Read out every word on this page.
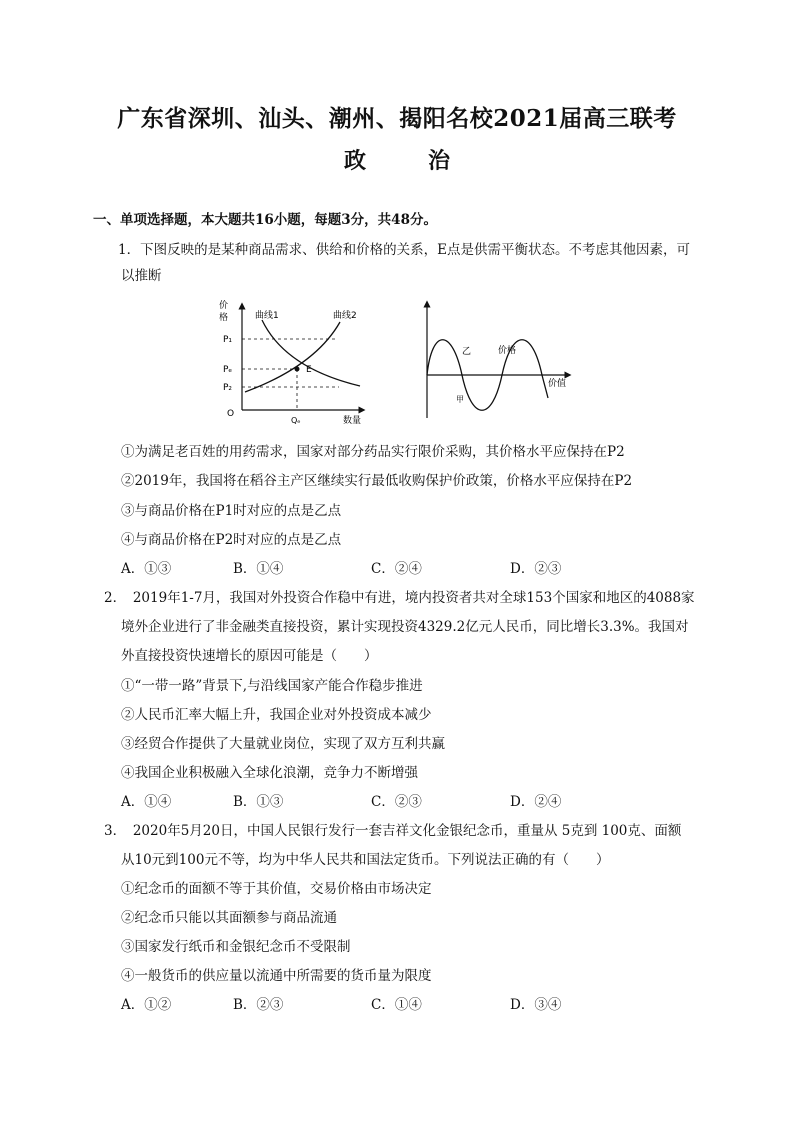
广东省深圳、汕头、潮州、揭阳名校2021届高三联考
政　治
一、单项选择题，本大题共16小题，每题3分，共48分。
1．下图反映的是某种商品需求、供给和价格的关系，E点是供需平衡状态。不考虑其他因素，可
以推断
价
格	曲线1	曲线2
P₁
Pₑ
P₂
E
O
Qₑ	数量
乙
甲
价格
价值
①为满足老百姓的用药需求，国家对部分药品实行限价采购，其价格水平应保持在P2
②2019年，我国将在稻谷主产区继续实行最低收购保护价政策，价格水平应保持在P2
③与商品价格在P1时对应的点是乙点
④与商品价格在P2时对应的点是乙点
A．①③	B．①④	C．②④	D．②③
2．　2019年1-7月，我国对外投资合作稳中有进，境内投资者共对全球153个国家和地区的4088家
境外企业进行了非金融类直接投资，累计实现投资4329.2亿元人民币，同比增长3.3%。我国对
外直接投资快速增长的原因可能是（　　）
①“一带一路”背景下,与沿线国家产能合作稳步推进
②人民币汇率大幅上升，我国企业对外投资成本减少
③经贸合作提供了大量就业岗位，实现了双方互利共赢
④我国企业积极融入全球化浪潮，竞争力不断增强
A．①④	B．①③	C．②③	D．②④
3．　2020年5月20日，中国人民银行发行一套吉祥文化金银纪念币，重量从 5克到 100克、面额
从10元到100元不等，均为中华人民共和国法定货币。下列说法正确的有（　　）
①纪念币的面额不等于其价值，交易价格由市场决定
②纪念币只能以其面额参与商品流通
③国家发行纸币和金银纪念币不受限制
④一般货币的供应量以流通中所需要的货币量为限度
A．①②	B．②③	C．①④	D．③④
